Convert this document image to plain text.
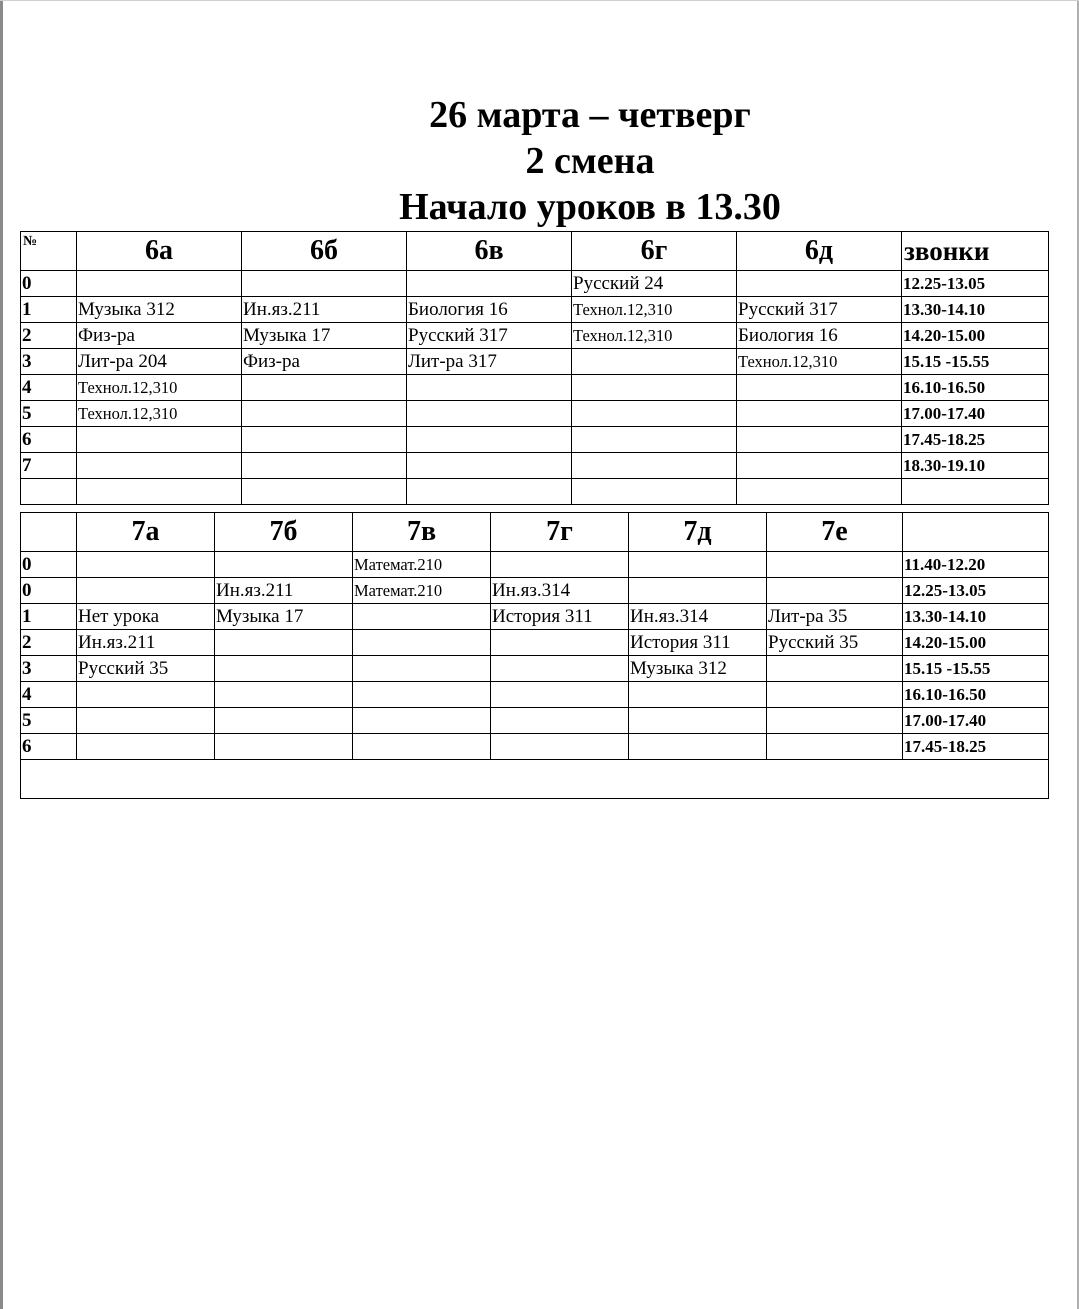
26 марта – четверг
2 смена
Начало уроков в 13.30
№	6а	6б	6в	6г	6д	звонки
0				Русский 24		12.25-13.05
1	Музыка 312	Ин.яз.211	Биология 16	Технол.12,310	Русский 317	13.30-14.10
2	Физ-ра	Музыка 17	Русский 317	Технол.12,310	Биология 16	14.20-15.00
3	Лит-ра 204	Физ-ра	Лит-ра 317		Технол.12,310	15.15 -15.55
4	Технол.12,310					16.10-16.50
5	Технол.12,310					17.00-17.40
6						17.45-18.25
7						18.30-19.10

	7а	7б	7в	7г	7д	7е	
0			Математ.210				11.40-12.20
0		Ин.яз.211	Математ.210	Ин.яз.314			12.25-13.05
1	Нет урока	Музыка 17		История 311	Ин.яз.314	Лит-ра 35	13.30-14.10
2	Ин.яз.211				История 311	Русский 35	14.20-15.00
3	Русский 35				Музыка 312		15.15 -15.55
4							16.10-16.50
5							17.00-17.40
6							17.45-18.25
